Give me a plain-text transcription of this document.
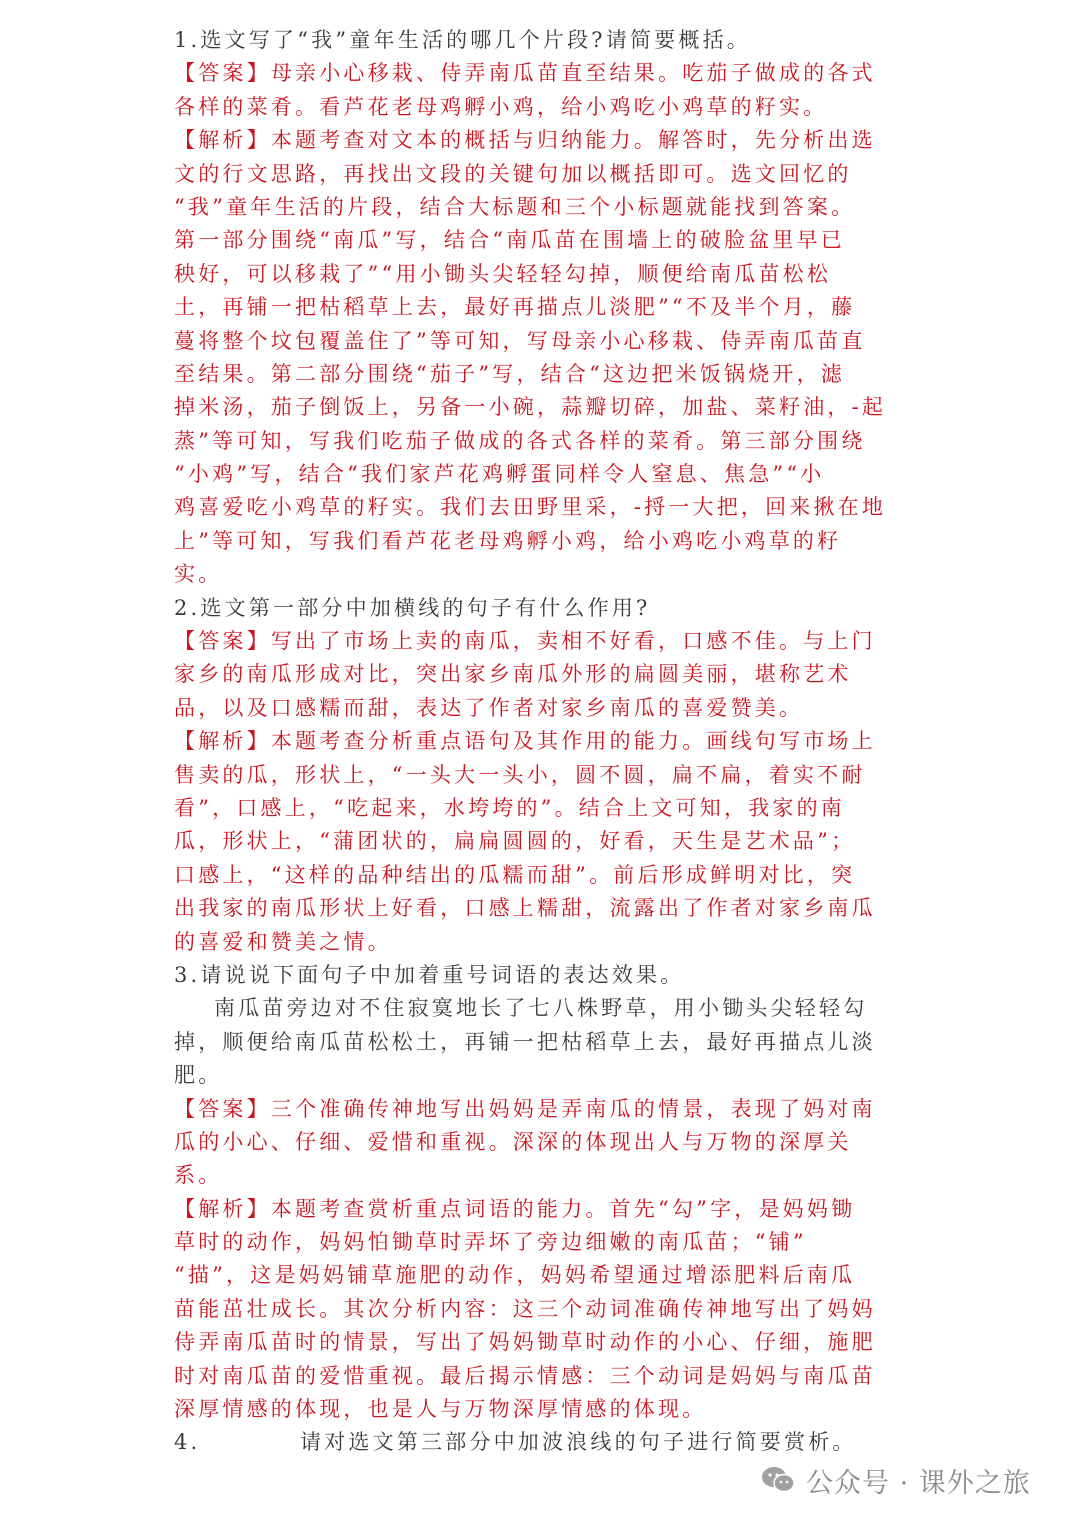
1.选文写了“我”童年生活的哪几个片段?请简要概括。
【答案】母亲小心移栽、侍弄南瓜苗直至结果。吃茄子做成的各式
各样的菜肴。看芦花老母鸡孵小鸡，给小鸡吃小鸡草的籽实。
【解析】本题考查对文本的概括与归纳能力。解答时，先分析出选
文的行文思路，再找出文段的关键句加以概括即可。选文回忆的
“我”童年生活的片段，结合大标题和三个小标题就能找到答案。
第一部分围绕“南瓜”写，结合“南瓜苗在围墙上的破脸盆里早已
秧好，可以移栽了”“用小锄头尖轻轻勾掉，顺便给南瓜苗松松
土，再铺一把枯稻草上去，最好再描点儿淡肥”“不及半个月，藤
蔓将整个坟包覆盖住了”等可知，写母亲小心移栽、侍弄南瓜苗直
至结果。第二部分围绕“茄子”写，结合“这边把米饭锅烧开，滤
掉米汤，茄子倒饭上，另备一小碗，蒜瓣切碎，加盐、菜籽油，-起
蒸”等可知，写我们吃茄子做成的各式各样的菜肴。第三部分围绕
“小鸡”写，结合“我们家芦花鸡孵蛋同样令人窒息、焦急”“小
鸡喜爱吃小鸡草的籽实。我们去田野里采，-捋一大把，回来揪在地
上”等可知，写我们看芦花老母鸡孵小鸡，给小鸡吃小鸡草的籽
实。
2.选文第一部分中加横线的句子有什么作用?
【答案】写出了市场上卖的南瓜，卖相不好看，口感不佳。与上门
家乡的南瓜形成对比，突出家乡南瓜外形的扁圆美丽，堪称艺术
品，以及口感糯而甜，表达了作者对家乡南瓜的喜爱赞美。
【解析】本题考查分析重点语句及其作用的能力。画线句写市场上
售卖的瓜，形状上，“一头大一头小，圆不圆，扁不扁，着实不耐
看”，口感上，“吃起来，水垮垮的”。结合上文可知，我家的南
瓜，形状上，“蒲团状的，扁扁圆圆的，好看，天生是艺术品”；
口感上，“这样的品种结出的瓜糯而甜”。前后形成鲜明对比，突
出我家的南瓜形状上好看，口感上糯甜，流露出了作者对家乡南瓜
的喜爱和赞美之情。
3.请说说下面句子中加着重号词语的表达效果。
南瓜苗旁边对不住寂寞地长了七八株野草，用小锄头尖轻轻勾
掉，顺便给南瓜苗松松土，再铺一把枯稻草上去，最好再描点儿淡
肥。
【答案】三个准确传神地写出妈妈是弄南瓜的情景，表现了妈对南
瓜的小心、仔细、爱惜和重视。深深的体现出人与万物的深厚关
系。
【解析】本题考查赏析重点词语的能力。首先“勾”字，是妈妈锄
草时的动作，妈妈怕锄草时弄坏了旁边细嫩的南瓜苗；“铺”
“描”，这是妈妈铺草施肥的动作，妈妈希望通过增添肥料后南瓜
苗能茁壮成长。其次分析内容：这三个动词准确传神地写出了妈妈
侍弄南瓜苗时的情景，写出了妈妈锄草时动作的小心、仔细，施肥
时对南瓜苗的爱惜重视。最后揭示情感：三个动词是妈妈与南瓜苗
深厚情感的体现，也是人与万物深厚情感的体现。
4.	请对选文第三部分中加波浪线的句子进行简要赏析。
公众号 · 课外之旅
